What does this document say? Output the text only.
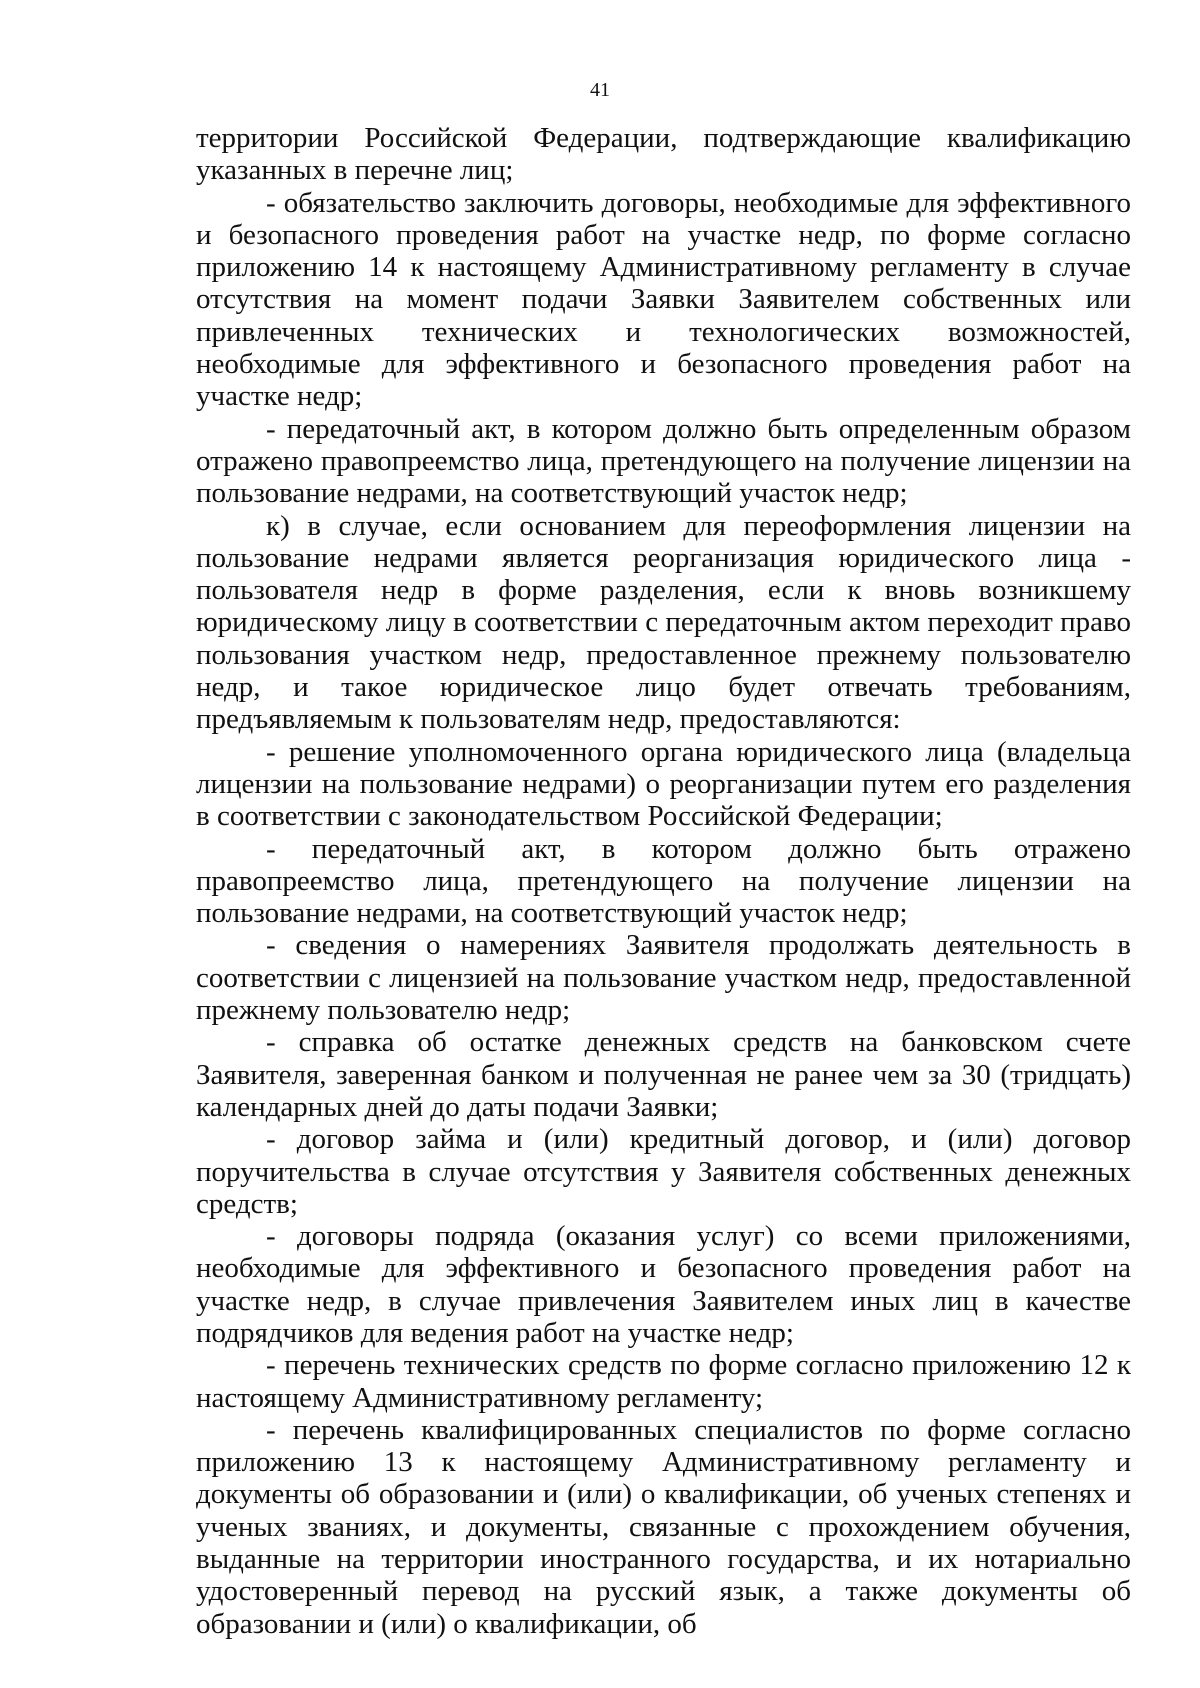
41

территории Российской Федерации, подтверждающие квалификацию указанных в перечне лиц;

- обязательство заключить договоры, необходимые для эффективного и безопасного проведения работ на участке недр, по форме согласно приложению 14 к настоящему Административному регламенту в случае отсутствия на момент подачи Заявки Заявителем собственных или привлеченных технических и технологических возможностей, необходимые для эффективного и безопасного проведения работ на участке недр;

- передаточный акт, в котором должно быть определенным образом отражено правопреемство лица, претендующего на получение лицензии на пользование недрами, на соответствующий участок недр;

к) в случае, если основанием для переоформления лицензии на пользование недрами является реорганизация юридического лица - пользователя недр в форме разделения, если к вновь возникшему юридическому лицу в соответствии с передаточным актом переходит право пользования участком недр, предоставленное прежнему пользователю недр, и такое юридическое лицо будет отвечать требованиям, предъявляемым к пользователям недр, предоставляются:

- решение уполномоченного органа юридического лица (владельца лицензии на пользование недрами) о реорганизации путем его разделения в соответствии с законодательством Российской Федерации;

- передаточный акт, в котором должно быть отражено правопреемство лица, претендующего на получение лицензии на пользование недрами, на соответствующий участок недр;

- сведения о намерениях Заявителя продолжать деятельность в соответствии с лицензией на пользование участком недр, предоставленной прежнему пользователю недр;

- справка об остатке денежных средств на банковском счете Заявителя, заверенная банком и полученная не ранее чем за 30 (тридцать) календарных дней до даты подачи Заявки;

- договор займа и (или) кредитный договор, и (или) договор поручительства в случае отсутствия у Заявителя собственных денежных средств;

- договоры подряда (оказания услуг) со всеми приложениями, необходимые для эффективного и безопасного проведения работ на участке недр, в случае привлечения Заявителем иных лиц в качестве подрядчиков для ведения работ на участке недр;

- перечень технических средств по форме согласно приложению 12 к настоящему Административному регламенту;

- перечень квалифицированных специалистов по форме согласно приложению 13 к настоящему Административному регламенту и документы об образовании и (или) о квалификации, об ученых степенях и ученых званиях, и документы, связанные с прохождением обучения, выданные на территории иностранного государства, и их нотариально удостоверенный перевод на русский язык, а также документы об образовании и (или) о квалификации, об
